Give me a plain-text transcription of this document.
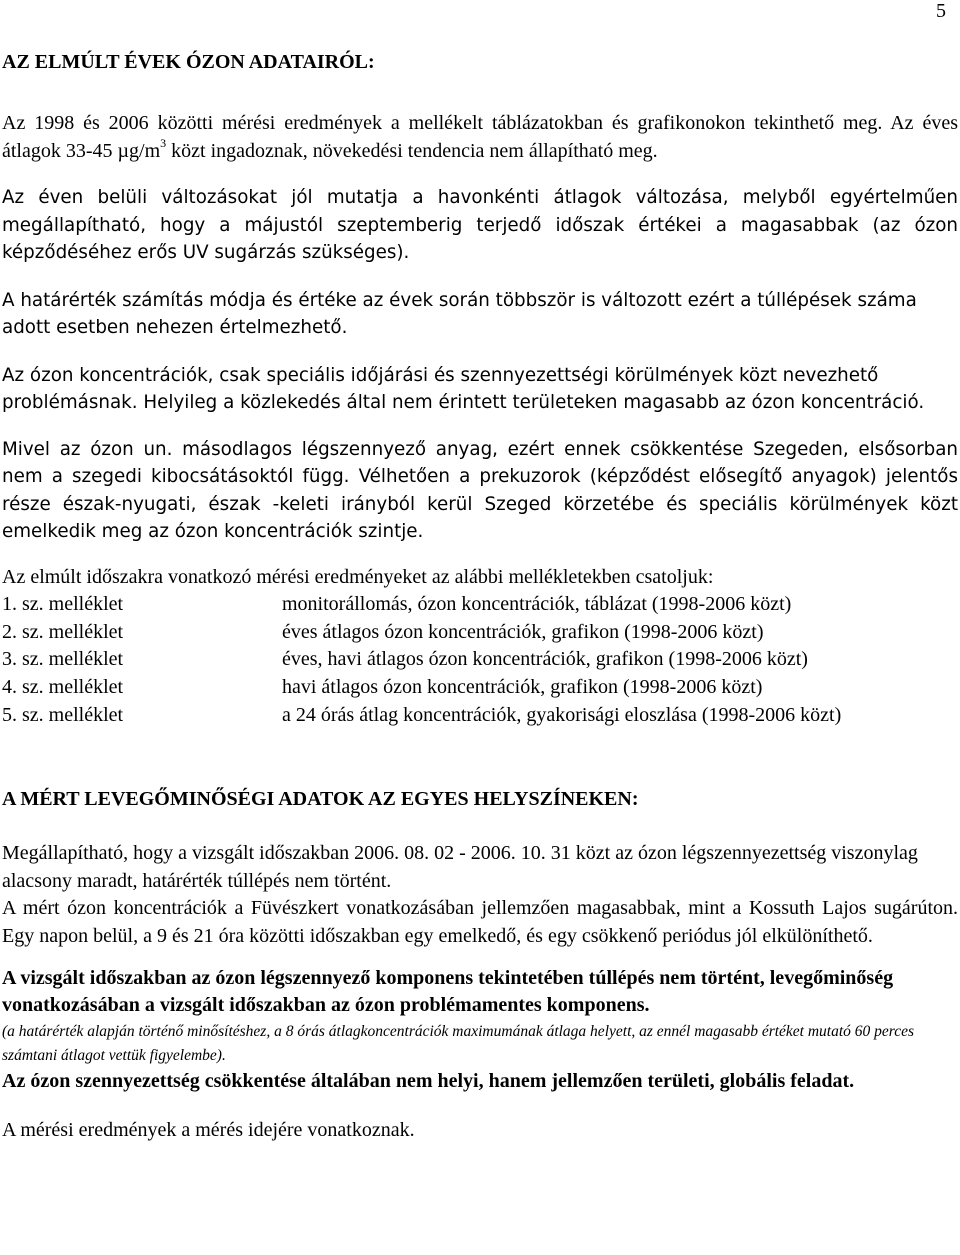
5
AZ ELMÚLT ÉVEK ÓZON ADATAIRÓL:

Az 1998 és 2006 közötti mérési eredmények a mellékelt táblázatokban és grafikonokon tekinthető meg. Az éves átlagok 33-45 $\mu g/m^3$ közt ingadoznak, növekedési tendencia nem állapítható meg.

Az éven belüli változásokat jól mutatja a havonkénti átlagok változása, melyből egyértelműen megállapítható, hogy a májustól szeptemberig terjedő időszak értékei a magasabbak (az ózon képződéséhez erős UV sugárzás szükséges).

A határérték számítás módja és értéke az évek során többször is változott ezért a túllépések száma adott esetben nehezen értelmezhető.

Az ózon koncentrációk, csak speciális időjárási és szennyezettségi körülmények közt nevezhető problémásnak. Helyileg a közlekedés által nem érintett területeken magasabb az ózon koncentráció.

Mivel az ózon un. másodlagos légszennyező anyag, ezért ennek csökkentése Szegeden, elsősorban nem a szegedi kibocsátásoktól függ. Vélhetően a prekuzorok (képződést elősegítő anyagok) jelentős része észak-nyugati, észak -keleti irányból kerül Szeged körzetébe és speciális körülmények közt emelkedik meg az ózon koncentrációk szintje.

Az elmúlt időszakra vonatkozó mérési eredményeket az alábbi mellékletekben csatoljuk:

1. sz. melléklet	monitorállomás, ózon koncentrációk, táblázat (1998-2006 közt)
2. sz. melléklet	éves átlagos ózon koncentrációk, grafikon (1998-2006 közt)
3. sz. melléklet	éves, havi átlagos ózon koncentrációk, grafikon (1998-2006 közt)
4. sz. melléklet	havi átlagos ózon koncentrációk, grafikon (1998-2006 közt)
5. sz. melléklet	a 24 órás átlag koncentrációk, gyakorisági eloszlása (1998-2006 közt)
A MÉRT LEVEGŐMINŐSÉGI ADATOK AZ EGYES HELYSZÍNEKEN:

Megállapítható, hogy a vizsgált időszakban 2006. 08. 02 - 2006. 10. 31 közt az ózon légszennyezettség viszonylag alacsony maradt, határérték túllépés nem történt.

A mért ózon koncentrációk a Füvészkert vonatkozásában jellemzően magasabbak, mint a Kossuth Lajos sugárúton. Egy napon belül, a 9 és 21 óra közötti időszakban egy emelkedő, és egy csökkenő periódus jól elkülöníthető.

A vizsgált időszakban az ózon légszennyező komponens tekintetében túllépés nem történt, levegőminőség vonatkozásában a vizsgált időszakban az ózon problémamentes komponens.

(a határérték alapján történő minősítéshez, a 8 órás átlagkoncentrációk maximumának átlaga helyett, az ennél magasabb értéket mutató 60 perces számtani átlagot vettük figyelembe).

Az ózon szennyezettség csökkentése általában nem helyi, hanem jellemzően területi, globális feladat.

A mérési eredmények a mérés idejére vonatkoznak.
